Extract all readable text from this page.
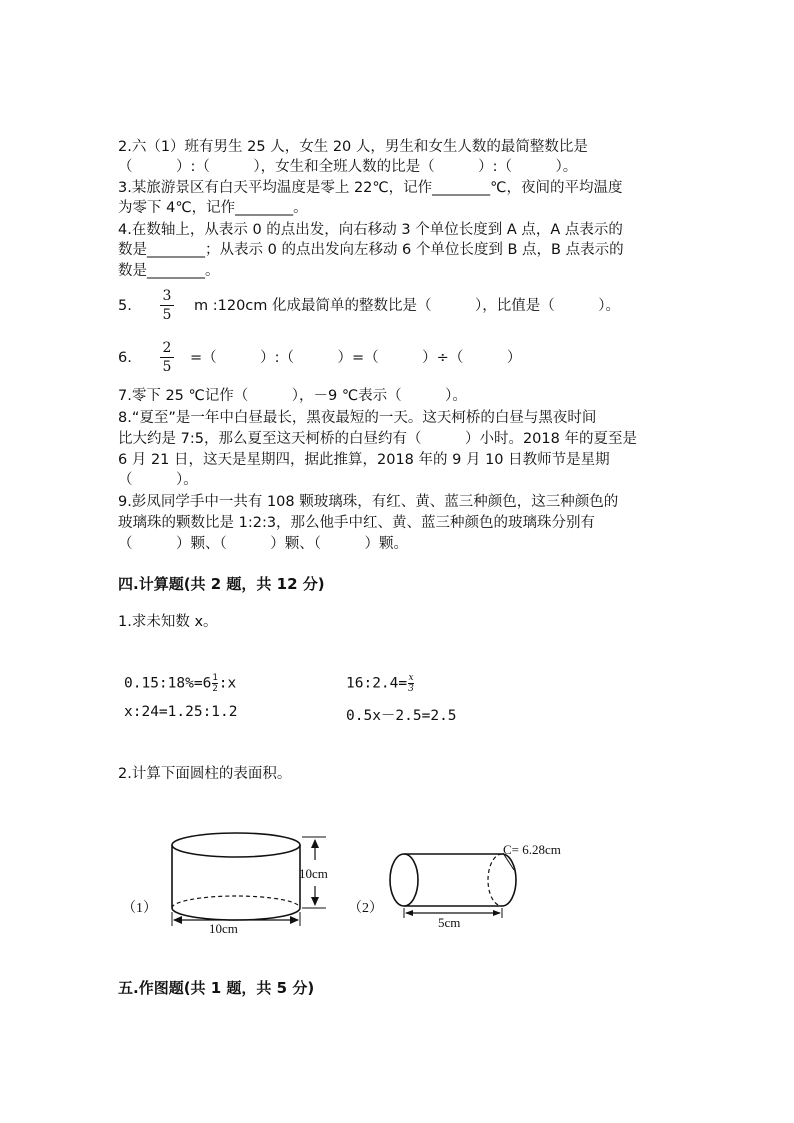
2.六（1）班有男生 25 人，女生 20 人，男生和女生人数的最简整数比是
（　　　）:（　　　），女生和全班人数的比是（　　　）:（　　　）。
3.某旅游景区有白天平均温度是零上 22℃，记作________℃，夜间的平均温度
为零下 4℃，记作________。
4.在数轴上，从表示 0 的点出发，向右移动 3 个单位长度到 A 点，A 点表示的
数是________；从表示 0 的点出发向左移动 6 个单位长度到 B 点，B 点表示的
数是________。
5.
3
5
m :120cm 化成最简单的整数比是（　　　），比值是（　　　）。
6.
2
5
=（　　　）:（　　　）=（　　　）÷（　　　）
7.零下 25 ℃记作（　　　），－9 ℃表示（　　　）。
8.“夏至”是一年中白昼最长，黑夜最短的一天。这天柯桥的白昼与黑夜时间
比大约是 7:5，那么夏至这天柯桥的白昼约有（　　　）小时。2018 年的夏至是
6 月 21 日，这天是星期四，据此推算，2018 年的 9 月 10 日教师节是星期
（　　　）。
9.彭凤同学手中一共有 108 颗玻璃珠，有红、黄、蓝三种颜色，这三种颜色的
玻璃珠的颗数比是 1:2:3，那么他手中红、黄、蓝三种颜色的玻璃珠分别有
（　　　）颗、（　　　）颗、（　　　）颗。
四.计算题(共 2 题，共 12 分)
1.求未知数 x。
$0.15:18\%=6\frac{1}{2}$ :x	$16:2.4=\frac{x}{3}$
x:24=1.25:1.2	0.5x－2.5=2.5
2.计算下面圆柱的表面积。
（1）
10cm
10cm
（2）
C= 6.28cm
5cm
五.作图题(共 1 题，共 5 分)
